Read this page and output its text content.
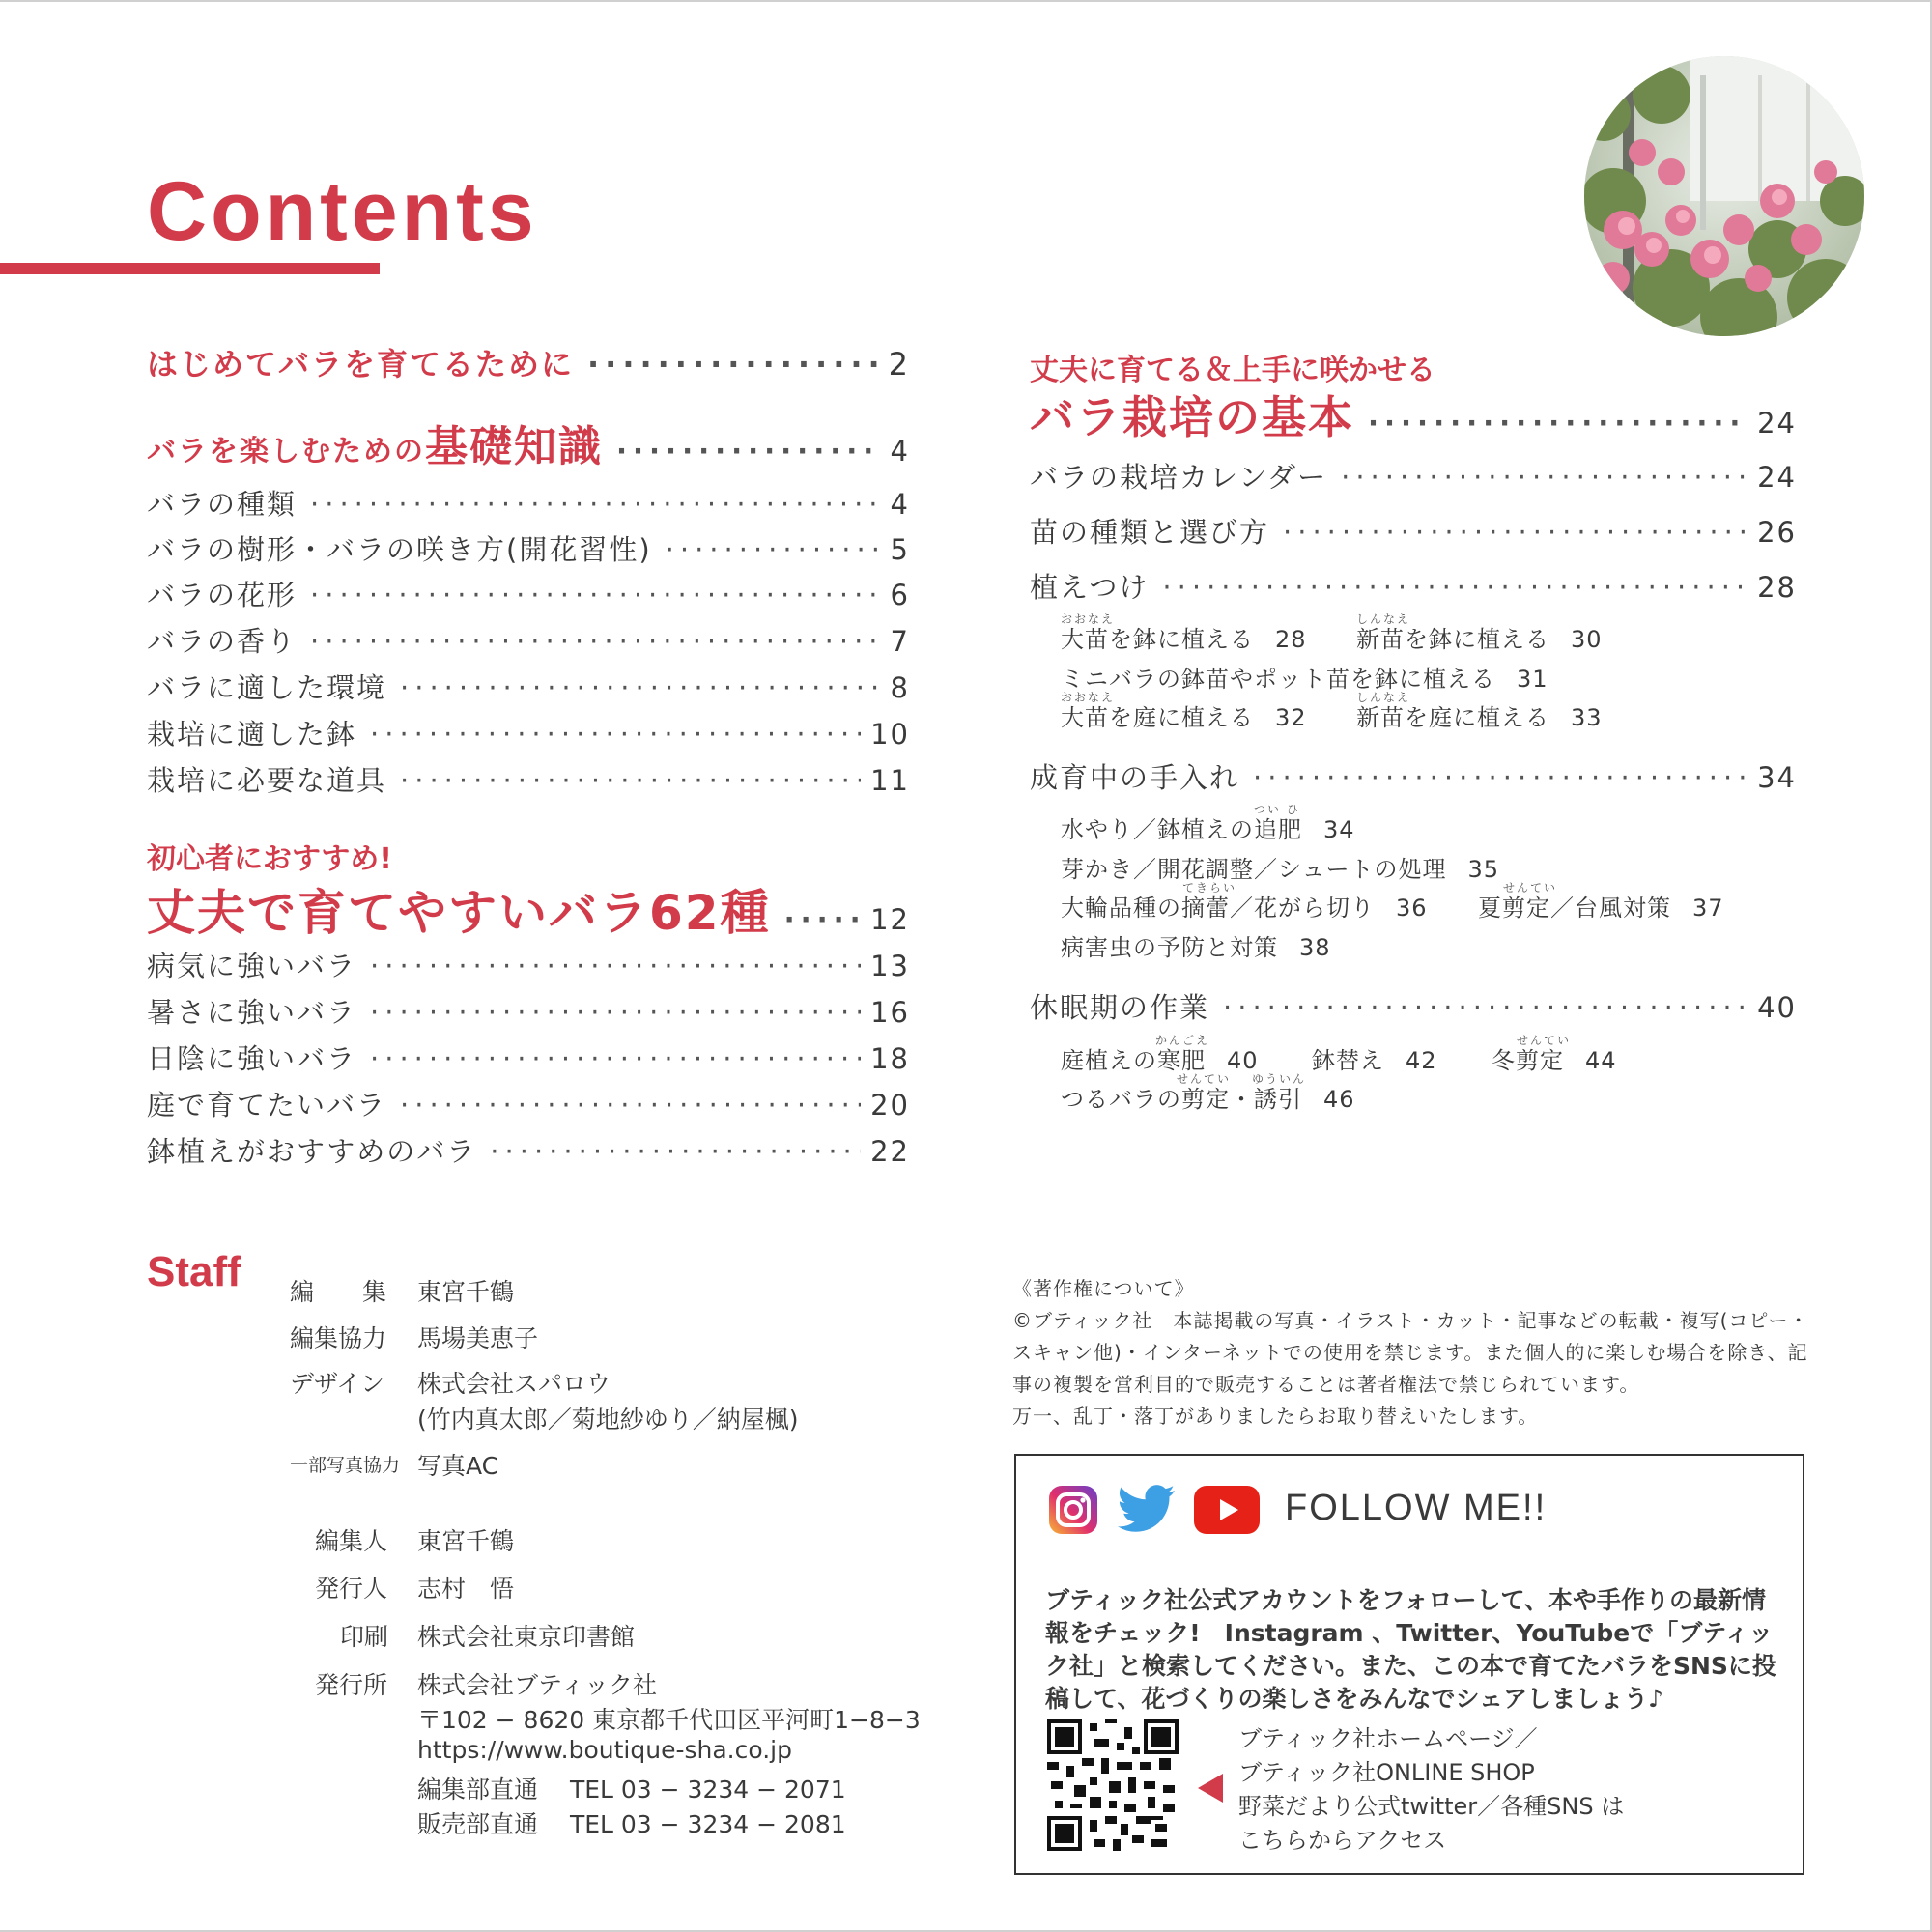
Contents
はじめてバラを育てるために ·····	2
バラを楽しむための 基礎知識 ·····	4
バラの種類 ·····	4
バラの樹形・バラの咲き方(開花習性) ·····	5
バラの花形 ·····	6
バラの香り ·····	7
バラに適した環境 ·····	8
栽培に適した鉢 ·····	10
栽培に必要な道具 ·····	11
初心者におすすめ!
丈夫で育てやすいバラ62種 ·····	12
病気に強いバラ ·····	13
暑さに強いバラ ·····	16
日陰に強いバラ ·····	18
庭で育てたいバラ ·····	20
鉢植えがおすすめのバラ ·····	22
丈夫に育てる＆上手に咲かせる
バラ栽培の基本 ·····	24
バラの栽培カレンダー ·····	24
苗の種類と選び方 ·····	26
植えつけ ·····	28
おおなえ
大苗を鉢に植える 28
しんなえ
新苗を鉢に植える 30
ミニバラの鉢苗やポット苗を鉢に植える 31
おおなえ
大苗を庭に植える 32
しんなえ
新苗を庭に植える 33
成育中の手入れ ·····	34
つい ひ
水やり／鉢植えの追肥 34
芽かき／開花調整／シュートの処理 35
てきらい
大輪品種の摘蕾／花がら切り 36
せんてい
夏剪定／台風対策 37
病害虫の予防と対策 38
休眠期の作業 ·····	40
かんごえ
庭植えの寒肥 40 鉢替え 42
せんてい
冬剪定 44
せんてい ゆういん
つるバラの剪定・誘引 46
Staff 編　　集 東宮千鶴
編集協力 馬場美恵子
デザイン 株式会社スパロウ
(竹内真太郎／菊地紗ゆり／納屋楓)
一部写真協力 写真AC
編集人 東宮千鶴
発行人 志村　悟
印刷 株式会社東京印書館
発行所 株式会社ブティック社
〒102 − 8620 東京都千代田区平河町1−8−3
https://www.boutique-sha.co.jp
編集部直通　 TEL 03 − 3234 − 2071
販売部直通　 TEL 03 − 3234 − 2081
《著作権について》
©ブティック社　本誌掲載の写真・イラスト・カット・記事などの転載・複写(コピー・スキャン他)・インターネットでの使用を禁じます。また個人的に楽しむ場合を除き、記事の複製を営利目的で販売することは著者権法で禁じられています。
万一、乱丁・落丁がありましたらお取り替えいたします。
FOLLOW ME!!
ブティック社公式アカウントをフォローして、本や手作りの最新情報をチェック!　Instagram 、Twitter、YouTubeで「ブティック社」と検索してください。また、この本で育てたバラをSNSに投稿して、花づくりの楽しさをみんなでシェアしましょう♪
ブティック社ホームページ／
ブティック社ONLINE SHOP
野菜だより公式twitter／各種SNS は
こちらからアクセス
